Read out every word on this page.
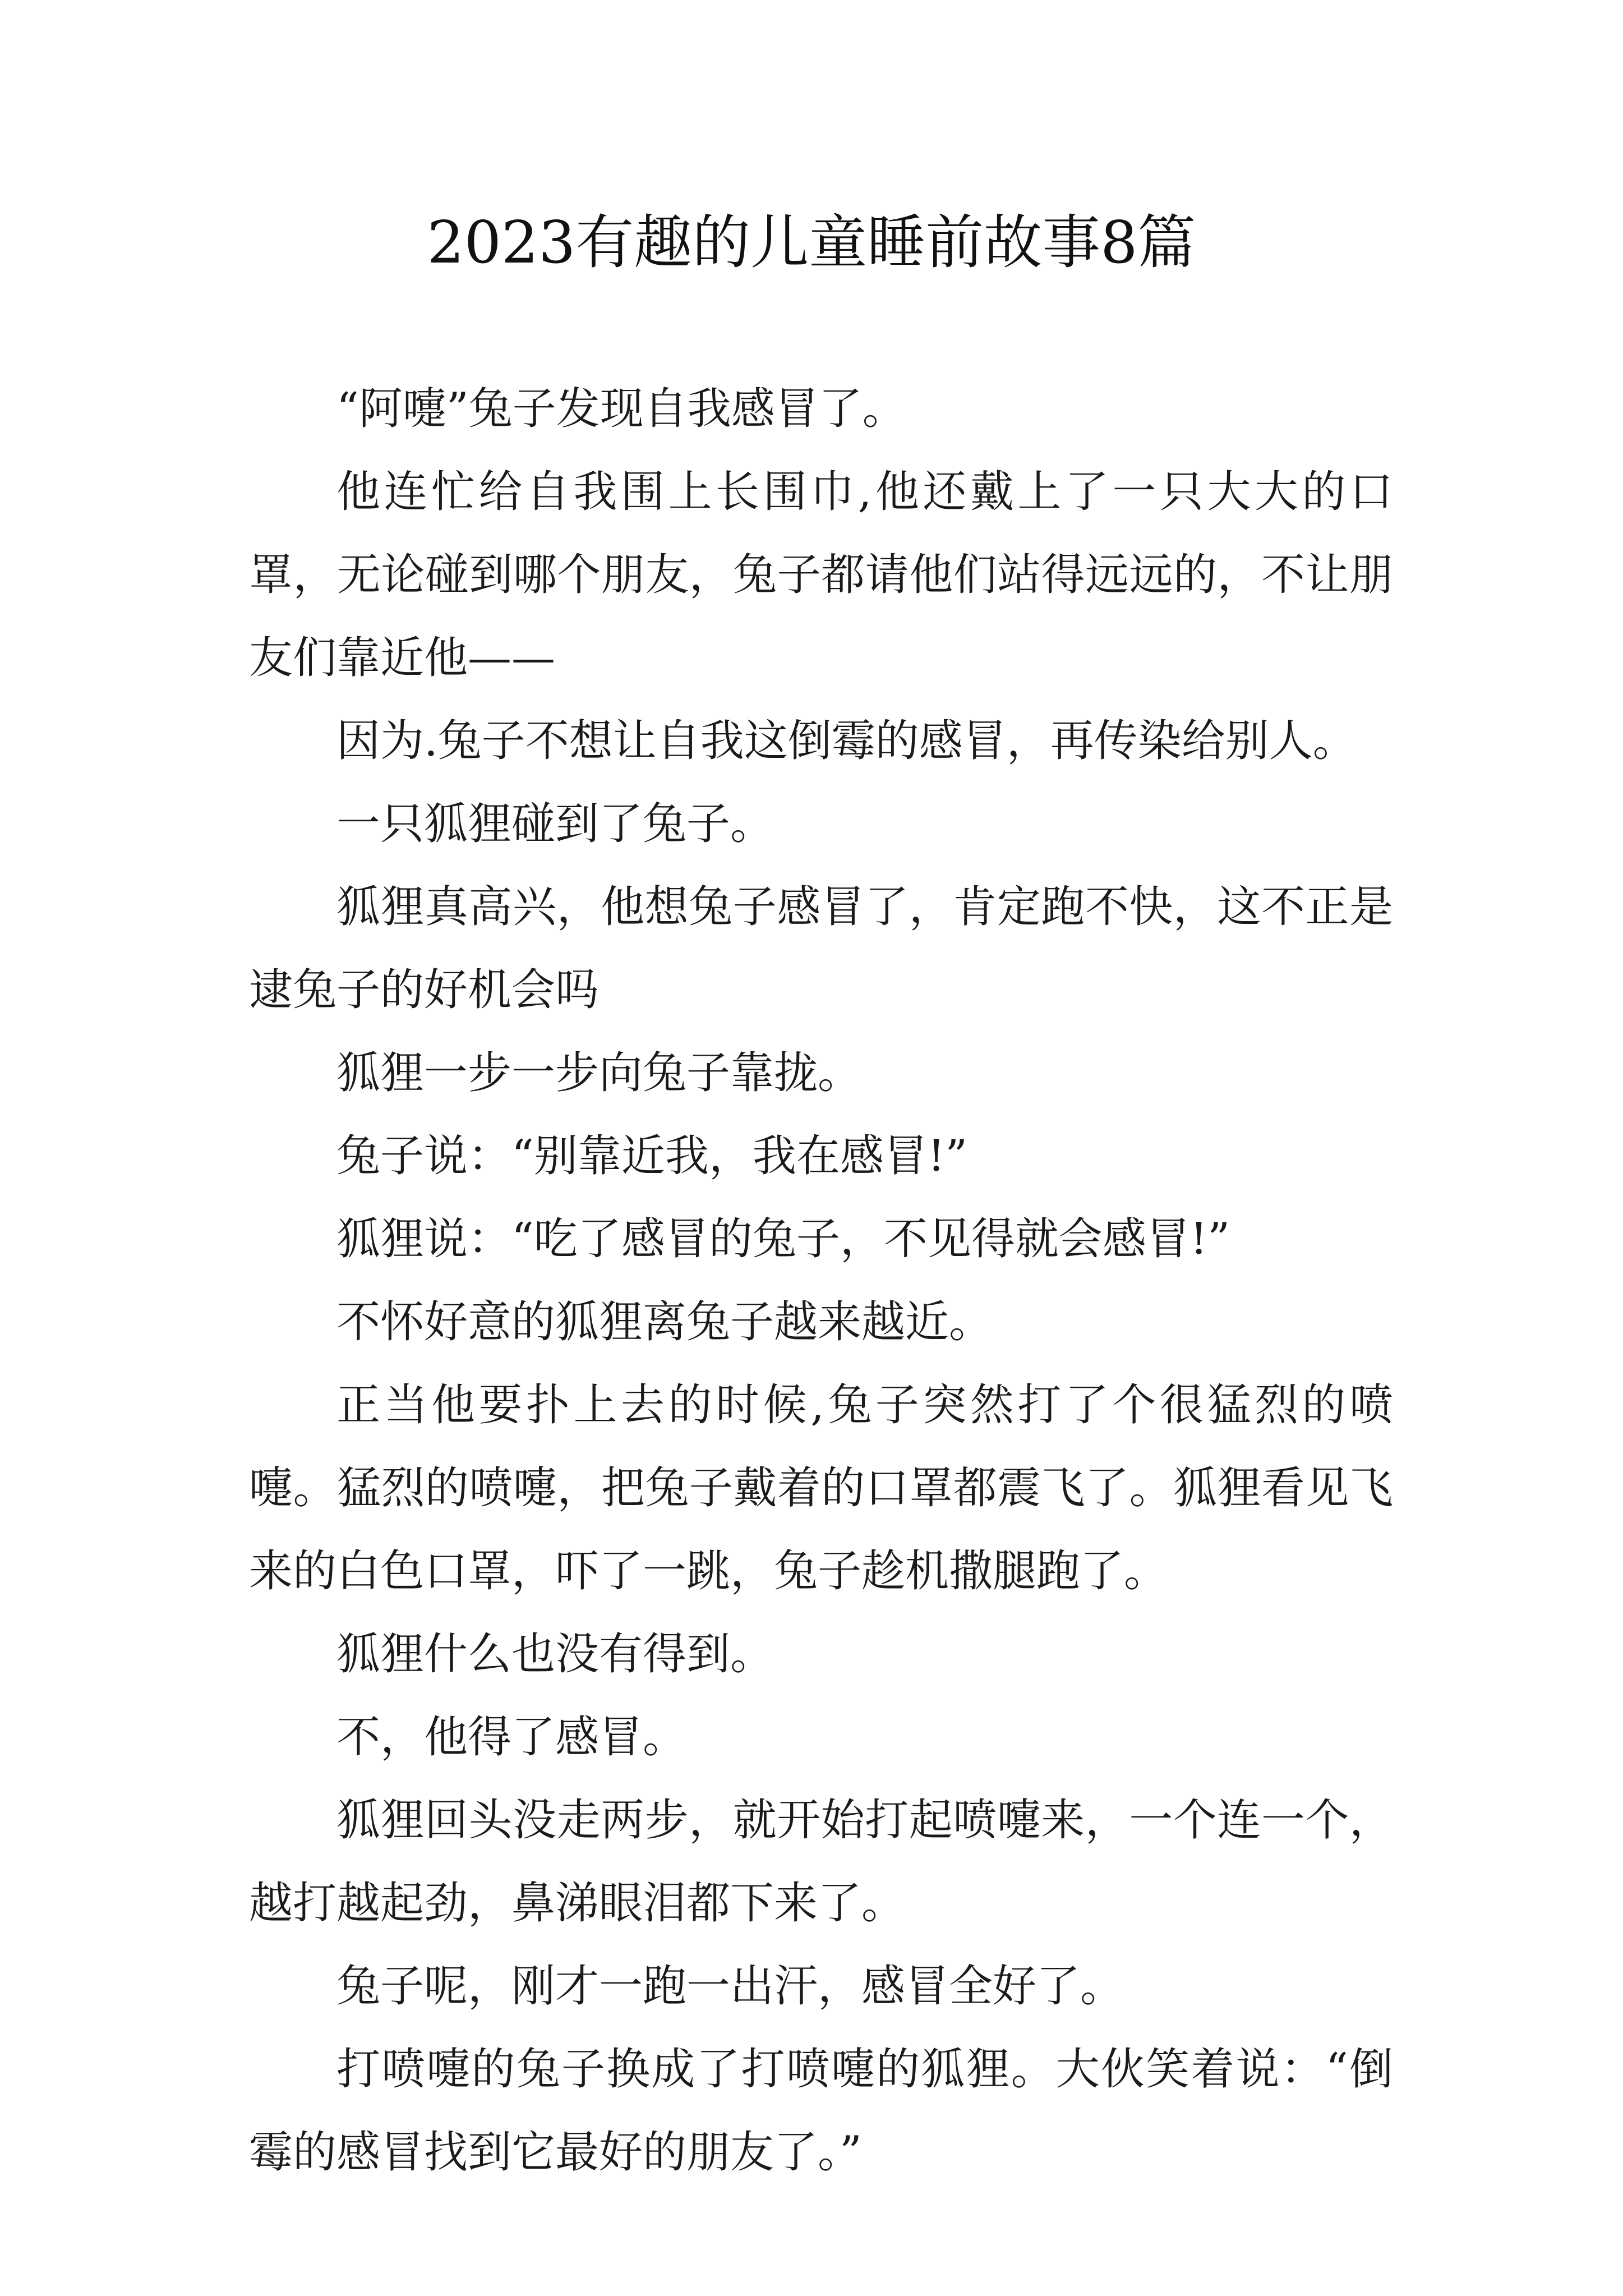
2023有趣的儿童睡前故事8篇

“阿嚏”兔子发现自我感冒了。

他连忙给自我围上长围巾,他还戴上了一只大大的口罩，无论碰到哪个朋友，兔子都请他们站得远远的，不让朋友们靠近他——

因为.兔子不想让自我这倒霉的感冒，再传染给别人。

一只狐狸碰到了兔子。

狐狸真高兴，他想兔子感冒了，肯定跑不快，这不正是逮兔子的好机会吗

狐狸一步一步向兔子靠拢。

兔子说：“别靠近我，我在感冒!”

狐狸说：“吃了感冒的兔子，不见得就会感冒!”

不怀好意的狐狸离兔子越来越近。

正当他要扑上去的时候,兔子突然打了个很猛烈的喷嚏。猛烈的喷嚏，把兔子戴着的口罩都震飞了。狐狸看见飞来的白色口罩，吓了一跳，兔子趁机撒腿跑了。

狐狸什么也没有得到。

不，他得了感冒。

狐狸回头没走两步，就开始打起喷嚏来，一个连一个，越打越起劲，鼻涕眼泪都下来了。

兔子呢，刚才一跑一出汗，感冒全好了。

打喷嚏的兔子换成了打喷嚏的狐狸。大伙笑着说：“倒霉的感冒找到它最好的朋友了。”
